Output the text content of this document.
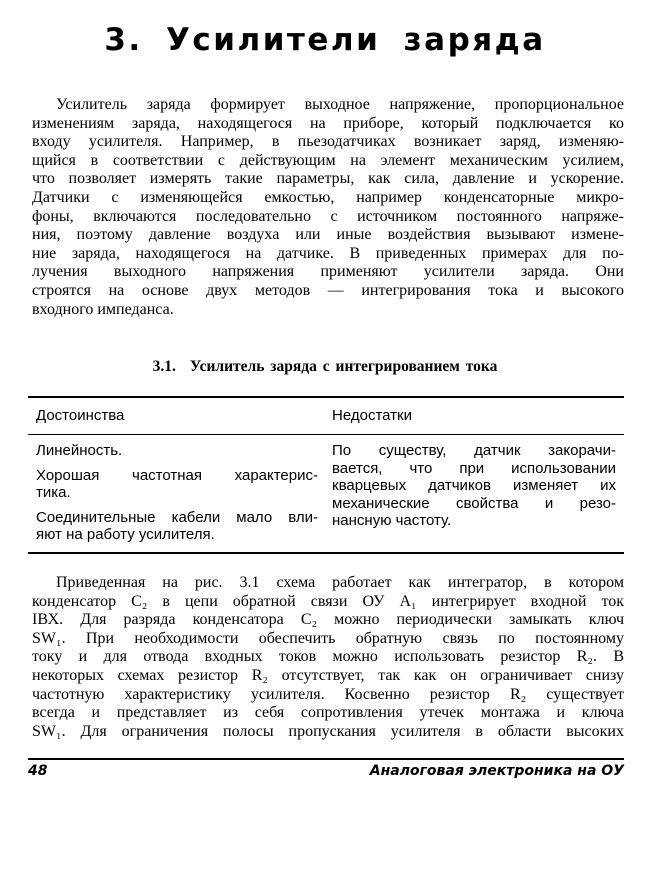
3. Усилители заряда

Усилитель заряда формирует выходное напряжение, пропорциональное
изменениям заряда, находящегося на приборе, который подключается ко
входу усилителя. Например, в пьезодатчиках возникает заряд, изменяю-
щийся в соответствии с действующим на элемент механическим усилием,
что позволяет измерять такие параметры, как сила, давление и ускорение.
Датчики с изменяющейся емкостью, например конденсаторные микро-
фоны, включаются последовательно с источником постоянного напряже-
ния, поэтому давление воздуха или иные воздействия вызывают измене-
ние заряда, находящегося на датчике. В приведенных примерах для по-
лучения выходного напряжения применяют усилители заряда. Они
строятся на основе двух методов — интегрирования тока и высокого
входного импеданса.

3.1. Усилитель заряда с интегрированием тока
Достоинства	Недостатки
Линейность.
Хорошая частотная характерис-
тика.
Соединительные кабели мало вли-
яют на работу усилителя.
По существу, датчик закорачи-
вается, что при использовании
кварцевых датчиков изменяет их
механические свойства и резо-
нансную частоту.

Приведенная на рис. 3.1 схема работает как интегратор, в котором
конденсатор C₂ в цепи обратной связи ОУ A₁ интегрирует входной ток
IВХ. Для разряда конденсатора C₂ можно периодически замыкать ключ
SW₁. При необходимости обеспечить обратную связь по постоянному
току и для отвода входных токов можно использовать резистор R₂. В
некоторых схемах резистор R₂ отсутствует, так как он ограничивает снизу
частотную характеристику усилителя. Косвенно резистор R₂ существует
всегда и представляет из себя сопротивления утечек монтажа и ключа
SW₁. Для ограничения полосы пропускания усилителя в области высоких

48	Аналоговая электроника на ОУ
